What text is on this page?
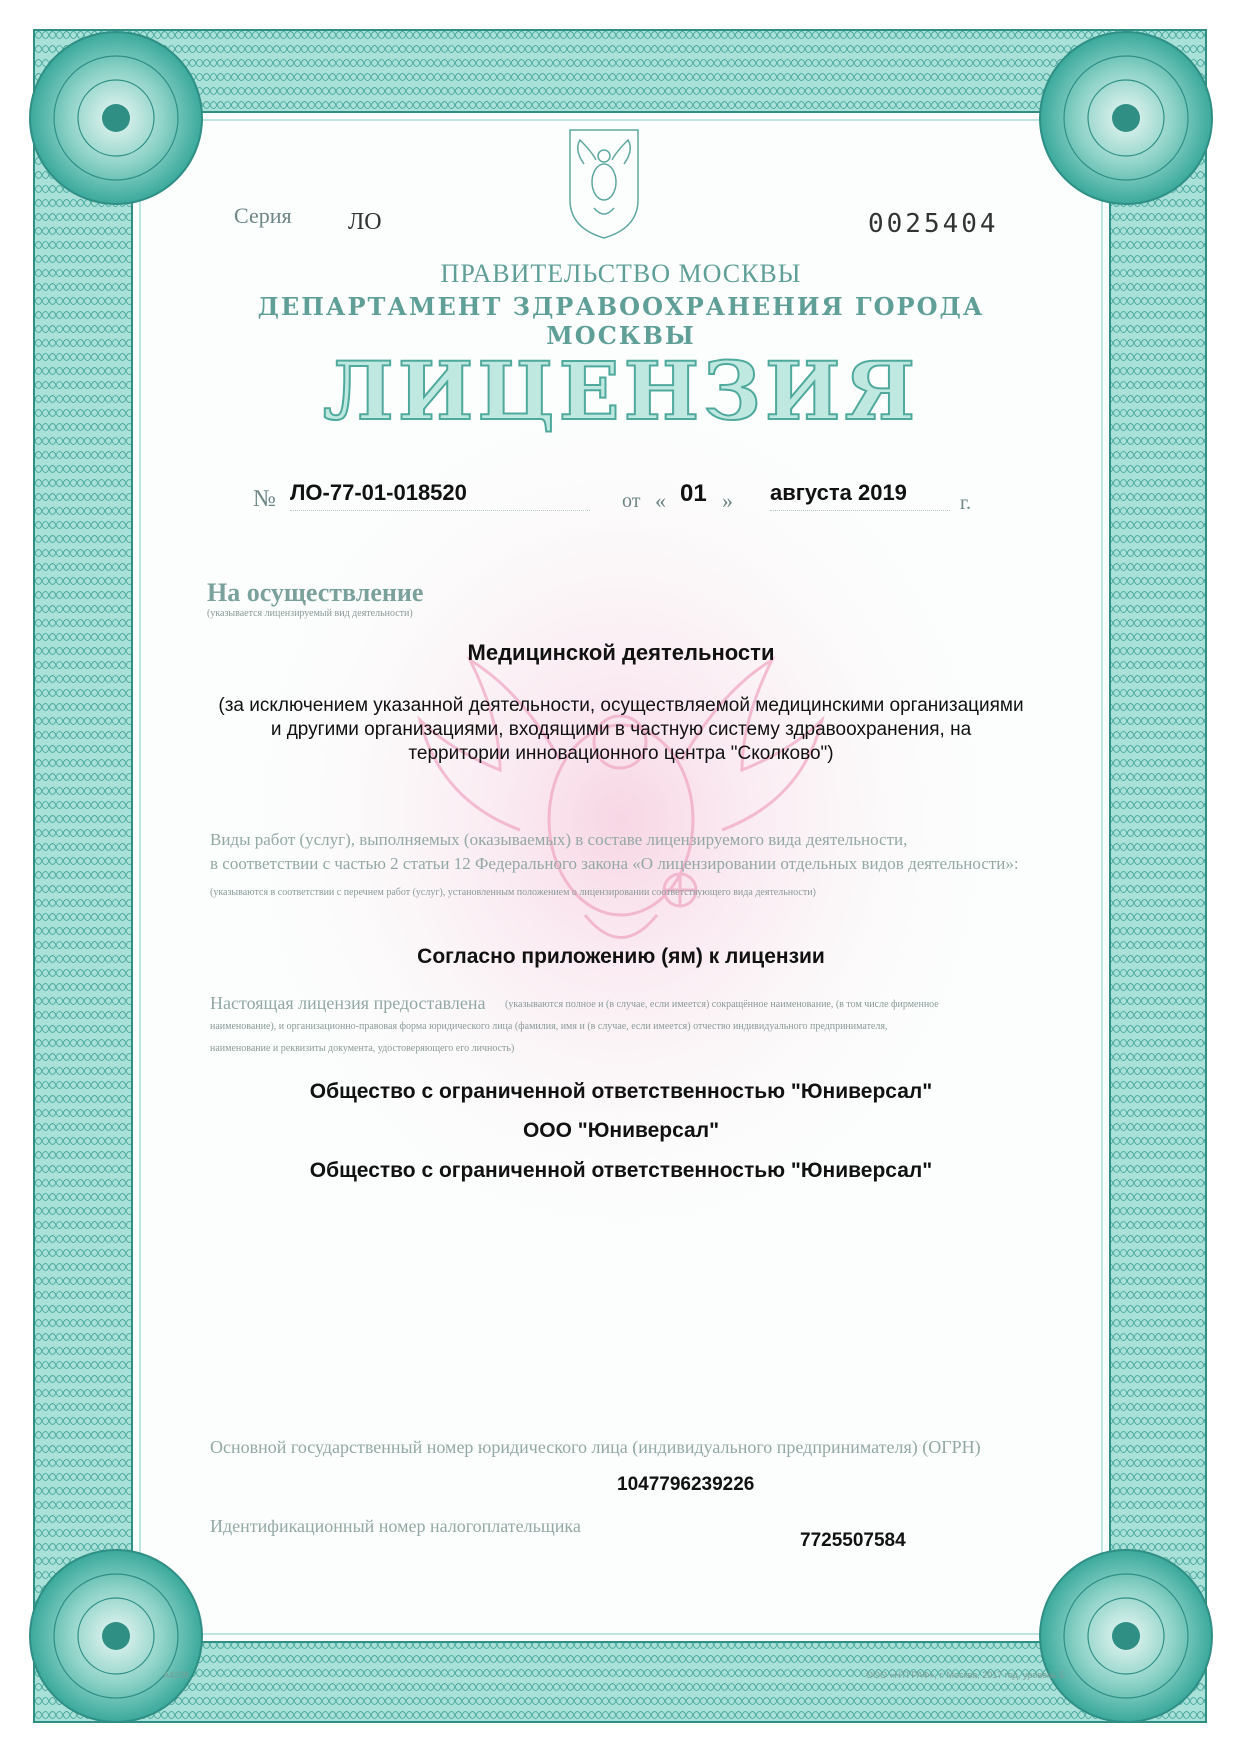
Серия ЛО	0025404
ПРАВИТЕЛЬСТВО МОСКВЫ
ДЕПАРТАМЕНТ ЗДРАВООХРАНЕНИЯ ГОРОДА МОСКВЫ
ЛИЦЕНЗИЯ
№ ЛО-77-01-018520	от « 01 » августа 2019	г.
На осуществление
(указывается лицензируемый вид деятельности)
Медицинской деятельности
(за исключением указанной деятельности, осуществляемой медицинскими организациями
и другими организациями, входящими в частную систему здравоохранения, на
территории инновационного центра "Сколково")
Виды работ (услуг), выполняемых (оказываемых) в составе лицензируемого вида деятельности,
в соответствии с частью 2 статьи 12 Федерального закона «О лицензировании отдельных видов деятельности»:
(указываются в соответствии с перечнем работ (услуг), установленным положением о лицензировании соответствующего вида деятельности)
Согласно приложению (ям) к лицензии
Настоящая лицензия предоставлена (указываются полное и (в случае, если имеется) сокращённое наименование, (в том числе фирменное
наименование), и организационно-правовая форма юридического лица (фамилия, имя и (в случае, если имеется) отчество индивидуального предпринимателя,
наименование и реквизиты документа, удостоверяющего его личность)
Общество с ограниченной ответственностью "Юниверсал"
ООО "Юниверсал"
Общество с ограниченной ответственностью "Юниверсал"
Основной государственный номер юридического лица (индивидуального предпринимателя) (ОГРН)
1047796239226
Идентификационный номер налогоплательщика
7725507584
А4238	ООО «НТГРАФ», г. Москва, 2017 год, уровень Б
